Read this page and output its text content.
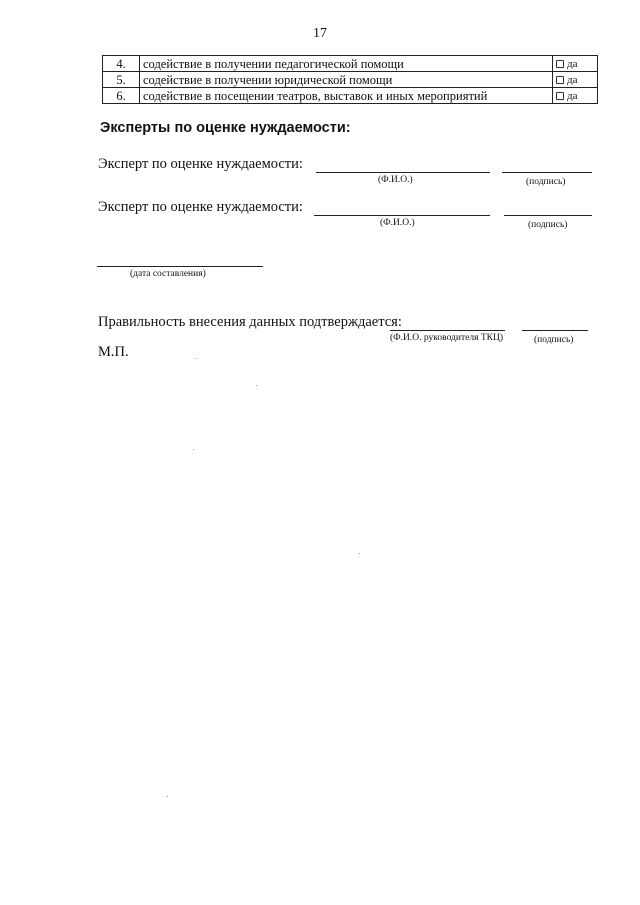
17
4.	содействие в получении педагогической помощи	да
5.	содействие в получении юридической помощи	да
6.	содействие в посещении театров, выставок и иных мероприятий	да
Эксперты по оценке нуждаемости:
Эксперт по оценке нуждаемости:
(Ф.И.О.)	(подпись)
Эксперт по оценке нуждаемости:
(Ф.И.О.)	(подпись)
(дата составления)
Правильность внесения данных подтверждается:
(Ф.И.О. руководителя ТКЦ)	(подпись)
М.П.
